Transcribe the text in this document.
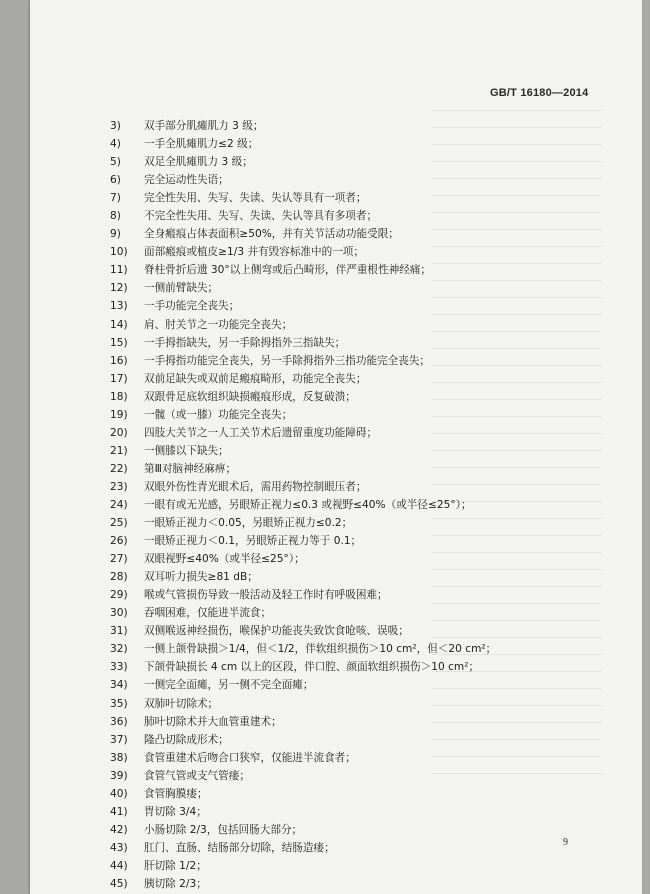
GB/T 16180—2014
3) 双手部分肌瘫肌力 3 级；
4) 一手全肌瘫肌力≤2 级；
5) 双足全肌瘫肌力 3 级；
6) 完全运动性失语；
7) 完全性失用、失写、失读、失认等具有一项者；
8) 不完全性失用、失写、失读、失认等具有多项者；
9) 全身瘢痕占体表面积≥50%，并有关节活动功能受限；
10) 面部瘢痕或植皮≥1/3 并有毁容标准中的一项；
11) 脊柱骨折后遗 30°以上侧弯或后凸畸形，伴严重根性神经痛；
12) 一侧前臂缺失；
13) 一手功能完全丧失；
14) 肩、肘关节之一功能完全丧失；
15) 一手拇指缺失，另一手除拇指外三指缺失；
16) 一手拇指功能完全丧失，另一手除拇指外三指功能完全丧失；
17) 双前足缺失或双前足瘢痕畸形，功能完全丧失；
18) 双跟骨足底软组织缺损瘢痕形成，反复破溃；
19) 一髋（或一膝）功能完全丧失；
20) 四肢大关节之一人工关节术后遗留重度功能障碍；
21) 一侧膝以下缺失；
22) 第Ⅲ对脑神经麻痹；
23) 双眼外伤性青光眼术后，需用药物控制眼压者；
24) 一眼有或无光感，另眼矫正视力≤0.3 或视野≤40%（或半径≤25°）；
25) 一眼矫正视力＜0.05，另眼矫正视力≤0.2；
26) 一眼矫正视力＜0.1，另眼矫正视力等于 0.1；
27) 双眼视野≤40%（或半径≤25°）；
28) 双耳听力损失≥81 dB；
29) 喉或气管损伤导致一般活动及轻工作时有呼吸困难；
30) 吞咽困难，仅能进半流食；
31) 双侧喉返神经损伤，喉保护功能丧失致饮食呛咳、误吸；
32) 一侧上颌骨缺损＞1/4，但＜1/2，伴软组织损伤＞10 cm²，但＜20 cm²；
33) 下颌骨缺损长 4 cm 以上的区段，伴口腔、颜面软组织损伤＞10 cm²；
34) 一侧完全面瘫，另一侧不完全面瘫；
35) 双肺叶切除术；
36) 肺叶切除术并大血管重建术；
37) 隆凸切除成形术；
38) 食管重建术后吻合口狭窄，仅能进半流食者；
39) 食管气管或支气管瘘；
40) 食管胸膜瘘；
41) 胃切除 3/4；
42) 小肠切除 2/3，包括回肠大部分；
43) 肛门、直肠、结肠部分切除，结肠造瘘；
44) 肝切除 1/2；
45) 胰切除 2/3；
9
